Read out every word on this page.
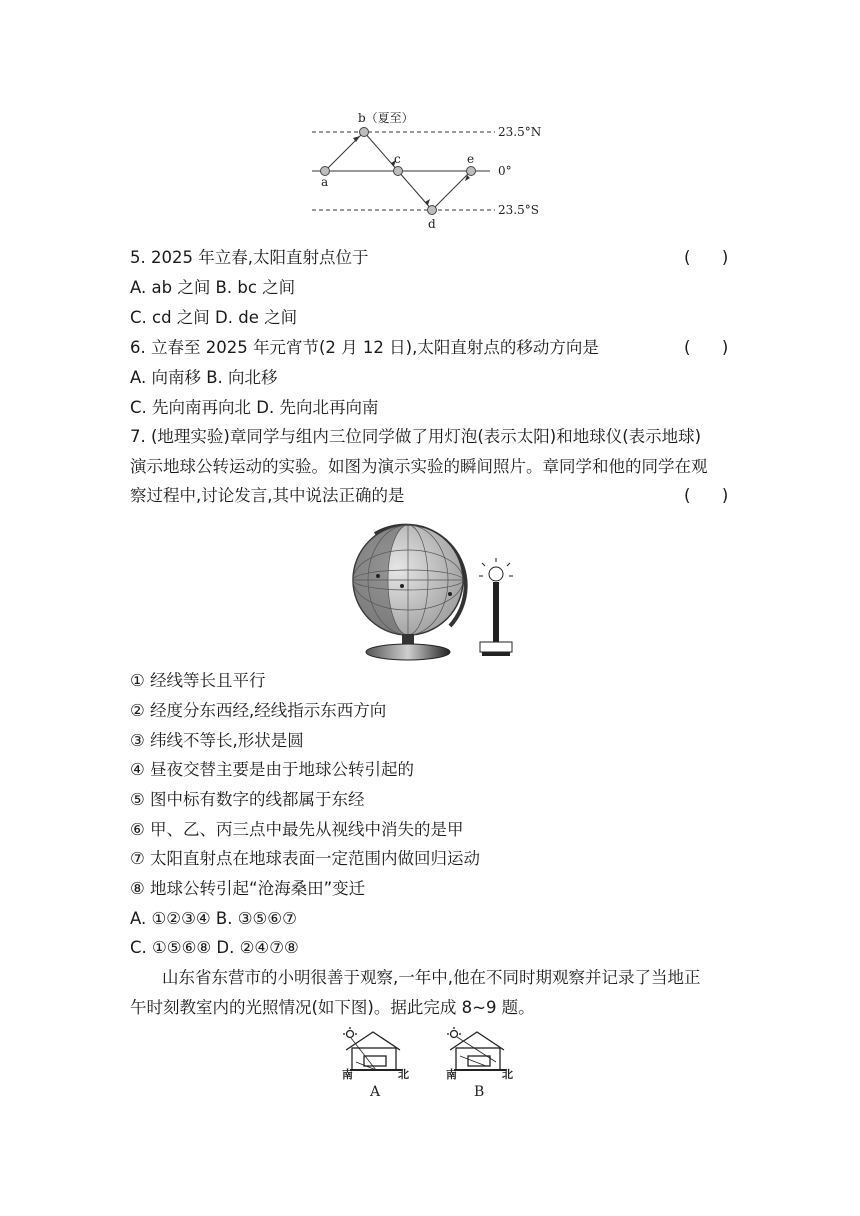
b（夏至）
a
c
d
e
23.5°N
0°
23.5°S
5. 2025 年立春,太阳直射点位于	(      )
A. ab 之间 B. bc 之间
C. cd 之间 D. de 之间
6. 立春至 2025 年元宵节(2 月 12 日),太阳直射点的移动方向是	(      )
A. 向南移 B. 向北移
C. 先向南再向北 D. 先向北再向南
7. (地理实验)章同学与组内三位同学做了用灯泡(表示太阳)和地球仪(表示地球)
演示地球公转运动的实验。如图为演示实验的瞬间照片。章同学和他的同学在观
察过程中,讨论发言,其中说法正确的是	(      )
① 经线等长且平行
② 经度分东西经,经线指示东西方向
③ 纬线不等长,形状是圆
④ 昼夜交替主要是由于地球公转引起的
⑤ 图中标有数字的线都属于东经
⑥ 甲、乙、丙三点中最先从视线中消失的是甲
⑦ 太阳直射点在地球表面一定范围内做回归运动
⑧ 地球公转引起“沧海桑田”变迁
A. ①②③④ B. ③⑤⑥⑦
C. ①⑤⑥⑧ D. ②④⑦⑧
山东省东营市的小明很善于观察,一年中,他在不同时期观察并记录了当地正
午时刻教室内的光照情况(如下图)。据此完成 8~9 题。
南	北
A
南	北
B
